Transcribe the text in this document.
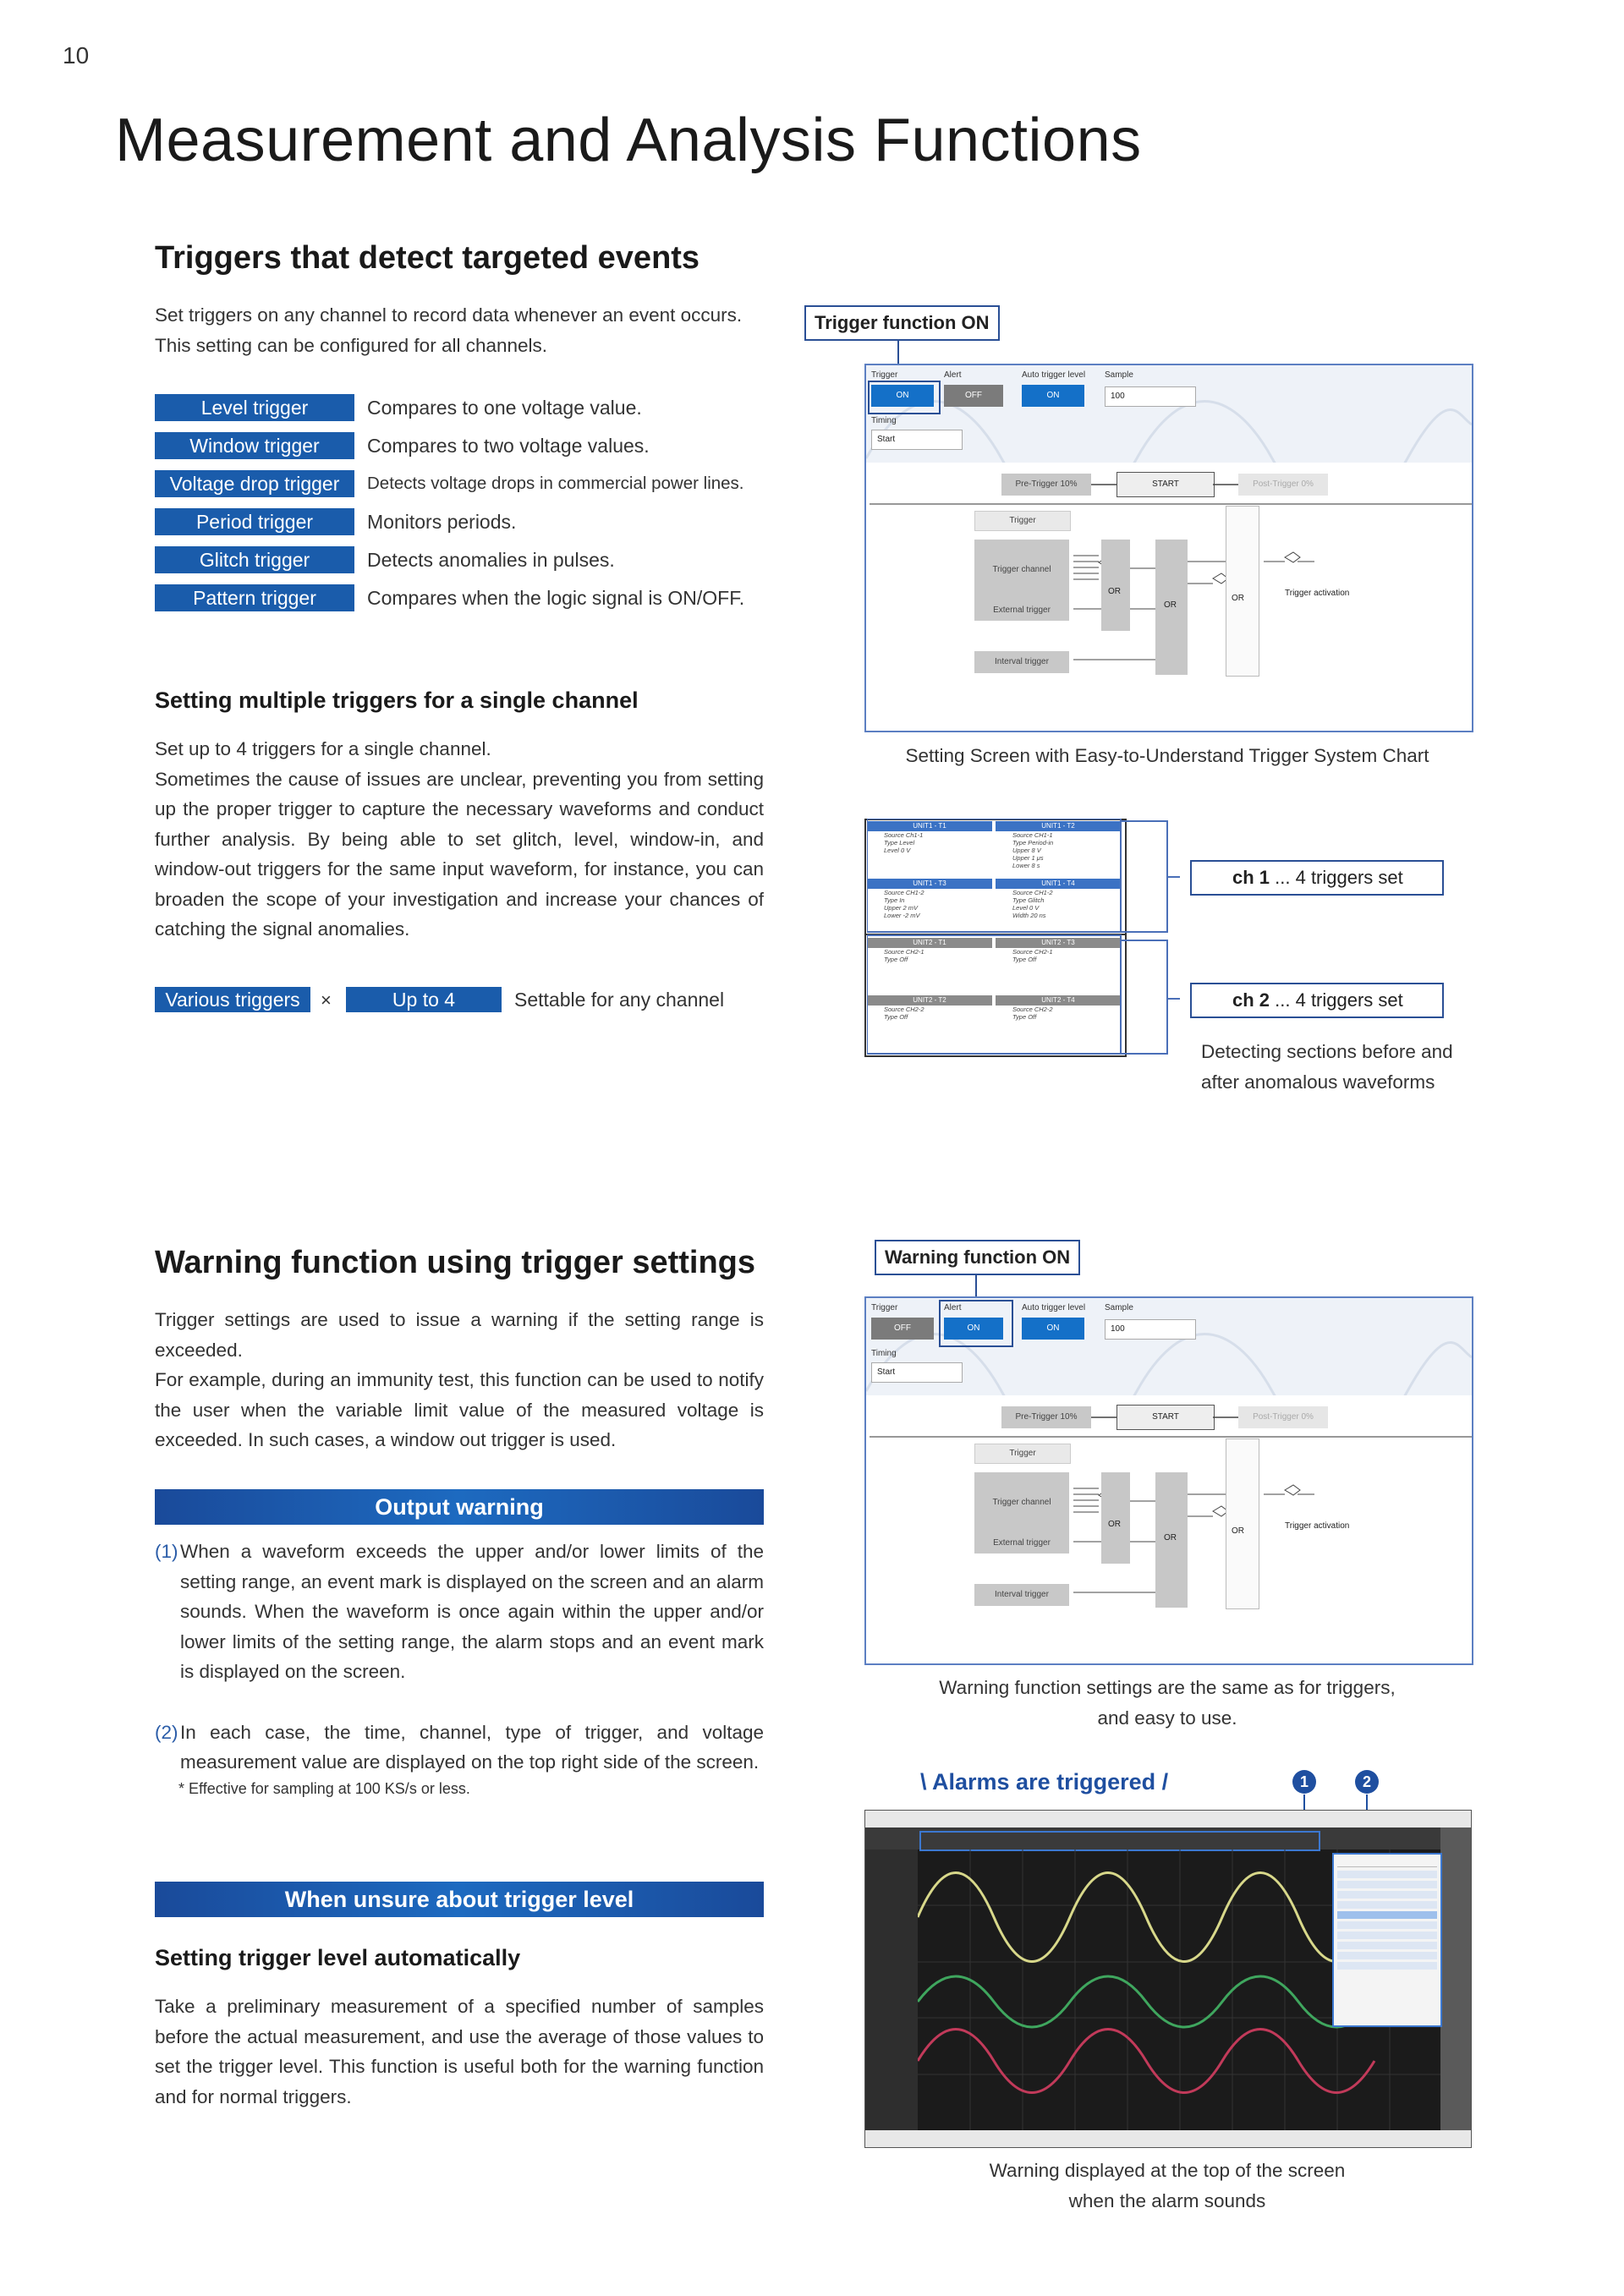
10
Measurement and Analysis Functions
Triggers that detect targeted events

Set triggers on any channel to record data whenever an event occurs.

This setting can be configured for all channels.

Level trigger	Compares to one voltage value.
Window trigger	Compares to two voltage values.
Voltage drop trigger	Detects voltage drops in commercial power lines.
Period trigger	Monitors periods.
Glitch trigger	Detects anomalies in pulses.
Pattern trigger	Compares when the logic signal is ON/OFF.
Trigger function ON
Trigger	Alert	Auto trigger level Sample
ON	OFF	ON	100
Timing
Start
Pre-Trigger 10%	START	Post-Trigger 0%
Trigger
Trigger channel
External trigger
Interval trigger
OR
OR
OR
Trigger activation
Setting Screen with Easy-to-Understand Trigger System Chart
Setting multiple triggers for a single channel

Set up to 4 triggers for a single channel.

Sometimes the cause of issues are unclear, preventing you from setting up the proper trigger to capture the necessary waveforms and conduct further analysis. By being able to set glitch, level, window-in, and window-out triggers for the same input waveform, for instance, you can broaden the scope of your investigation and increase your chances of catching the signal anomalies.

Various triggers	×	Up to 4	Settable for any channel
UNIT1 - T1
Source Ch1-1
Type Level
Level 0 V
UNIT1 - T2
Source CH1-1
Type Period-in
Upper 8 V
Upper 1 μs
Lower 8 s
UNIT1 - T3
Source CH1-2
Type In
Upper 2 mV
Lower -2 mV
UNIT1 - T4
Source CH1-2
Type Glitch
Level 0 V
Width 20 ns
UNIT2 - T1
Source CH2-1
Type Off
UNIT2 - T3
Source CH2-1
Type Off
UNIT2 - T2
Source CH2-2
Type Off
UNIT2 - T4
Source CH2-2
Type Off
ch 1 ... 4 triggers set
ch 2 ... 4 triggers set
Detecting sections before and
after anomalous waveforms
Warning function using trigger settings

Trigger settings are used to issue a warning if the setting range is exceeded.

For example, during an immunity test, this function can be used to notify the user when the variable limit value of the measured voltage is exceeded. In such cases, a window out trigger is used.

Output warning
(1) When a waveform exceeds the upper and/or lower limits of the setting range, an event mark is displayed on the screen and an alarm sounds. When the waveform is once again within the upper and/or lower limits of the setting range, the alarm stops and an event mark is displayed on the screen.
(2) In each case, the time, channel, type of trigger, and voltage measurement value are displayed on the top right side of the screen.
* Effective for sampling at 100 KS/s or less.
Warning function ON
Trigger	Alert	Auto trigger level Sample
OFF	ON	ON	100
Timing
Start
Pre-Trigger 10%	START	Post-Trigger 0%
Trigger
Trigger channel
External trigger
Interval trigger
OR
OR
OR
Trigger activation
Warning function settings are the same as for triggers,
and easy to use.
\ Alarms are triggered /	1	2
Warning displayed at the top of the screen
when the alarm sounds
When unsure about trigger level
Setting trigger level automatically
Take a preliminary measurement of a specified number of samples before the actual measurement, and use the average of those values to set the trigger level. This function is useful both for the warning function and for normal triggers.
